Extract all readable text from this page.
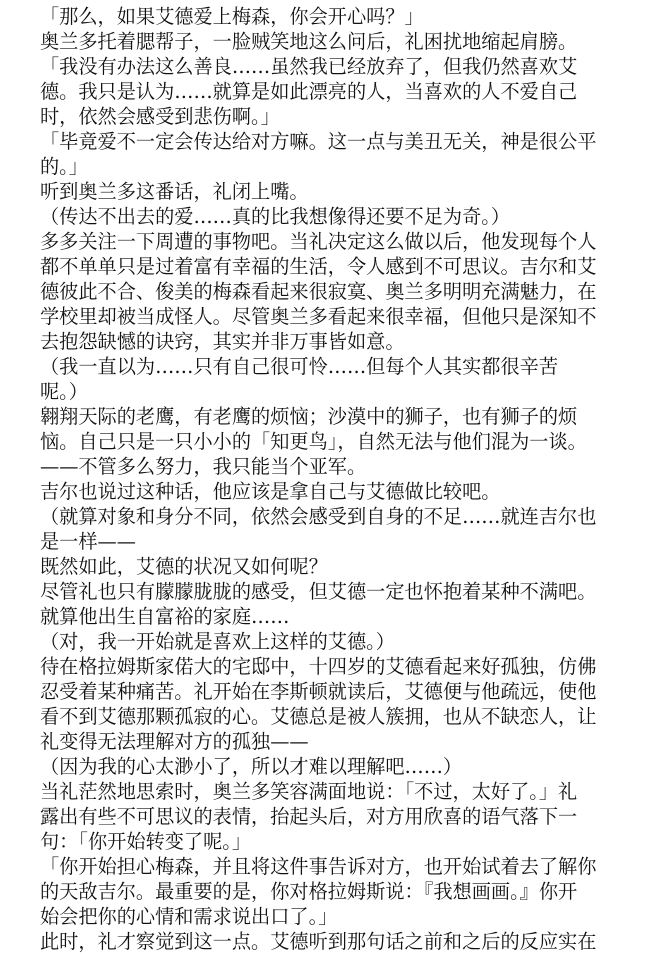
「那么，如果艾德爱上梅森，你会开心吗？」
奥兰多托着腮帮子，一脸贼笑地这么问后，礼困扰地缩起肩膀。
「我没有办法这么善良……虽然我已经放弃了，但我仍然喜欢艾
德。我只是认为……就算是如此漂亮的人，当喜欢的人不爱自己
时，依然会感受到悲伤啊。」
「毕竟爱不一定会传达给对方嘛。这一点与美丑无关，神是很公平
的。」
听到奥兰多这番话，礼闭上嘴。
（传达不出去的爱……真的比我想像得还要不足为奇。）
多多关注一下周遭的事物吧。当礼决定这么做以后，他发现每个人
都不单单只是过着富有幸福的生活，令人感到不可思议。吉尔和艾
德彼此不合、俊美的梅森看起来很寂寞、奥兰多明明充满魅力，在
学校里却被当成怪人。尽管奥兰多看起来很幸福，但他只是深知不
去抱怨缺憾的诀窍，其实并非万事皆如意。
（我一直以为……只有自己很可怜……但每个人其实都很辛苦
呢。）
翱翔天际的老鹰，有老鹰的烦恼；沙漠中的狮子，也有狮子的烦
恼。自己只是一只小小的「知更鸟」，自然无法与他们混为一谈。
——不管多么努力，我只能当个亚军。
吉尔也说过这种话，他应该是拿自己与艾德做比较吧。
（就算对象和身分不同，依然会感受到自身的不足……就连吉尔也
是一样——
既然如此，艾德的状况又如何呢？
尽管礼也只有朦朦胧胧的感受，但艾德一定也怀抱着某种不满吧。
就算他出生自富裕的家庭……
（对，我一开始就是喜欢上这样的艾德。）
待在格拉姆斯家偌大的宅邸中，十四岁的艾德看起来好孤独，仿佛
忍受着某种痛苦。礼开始在李斯顿就读后，艾德便与他疏远，使他
看不到艾德那颗孤寂的心。艾德总是被人簇拥，也从不缺恋人，让
礼变得无法理解对方的孤独——
（因为我的心太渺小了，所以才难以理解吧……）
当礼茫然地思索时，奥兰多笑容满面地说：「不过，太好了。」礼
露出有些不可思议的表情，抬起头后，对方用欣喜的语气落下一
句：「你开始转变了呢。」
「你开始担心梅森，并且将这件事告诉对方，也开始试着去了解你
的天敌吉尔。最重要的是，你对格拉姆斯说：『我想画画。』你开
始会把你的心情和需求说出口了。」
此时，礼才察觉到这一点。艾德听到那句话之前和之后的反应实在
